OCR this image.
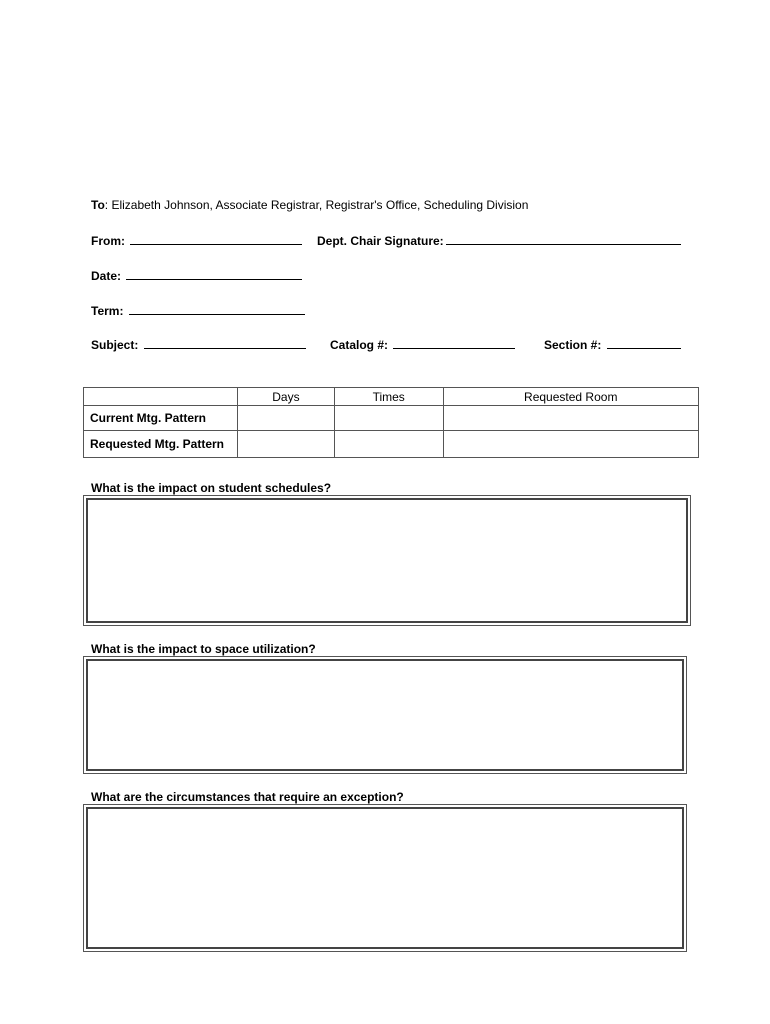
To: Elizabeth Johnson, Associate Registrar, Registrar's Office, Scheduling Division
From:	Dept. Chair Signature:
Date:
Term:
Subject:	Catalog #:	Section #:
	Days	Times	Requested Room
Current Mtg. Pattern			
Requested Mtg. Pattern			
What is the impact on student schedules?
What is the impact to space utilization?
What are the circumstances that require an exception?
